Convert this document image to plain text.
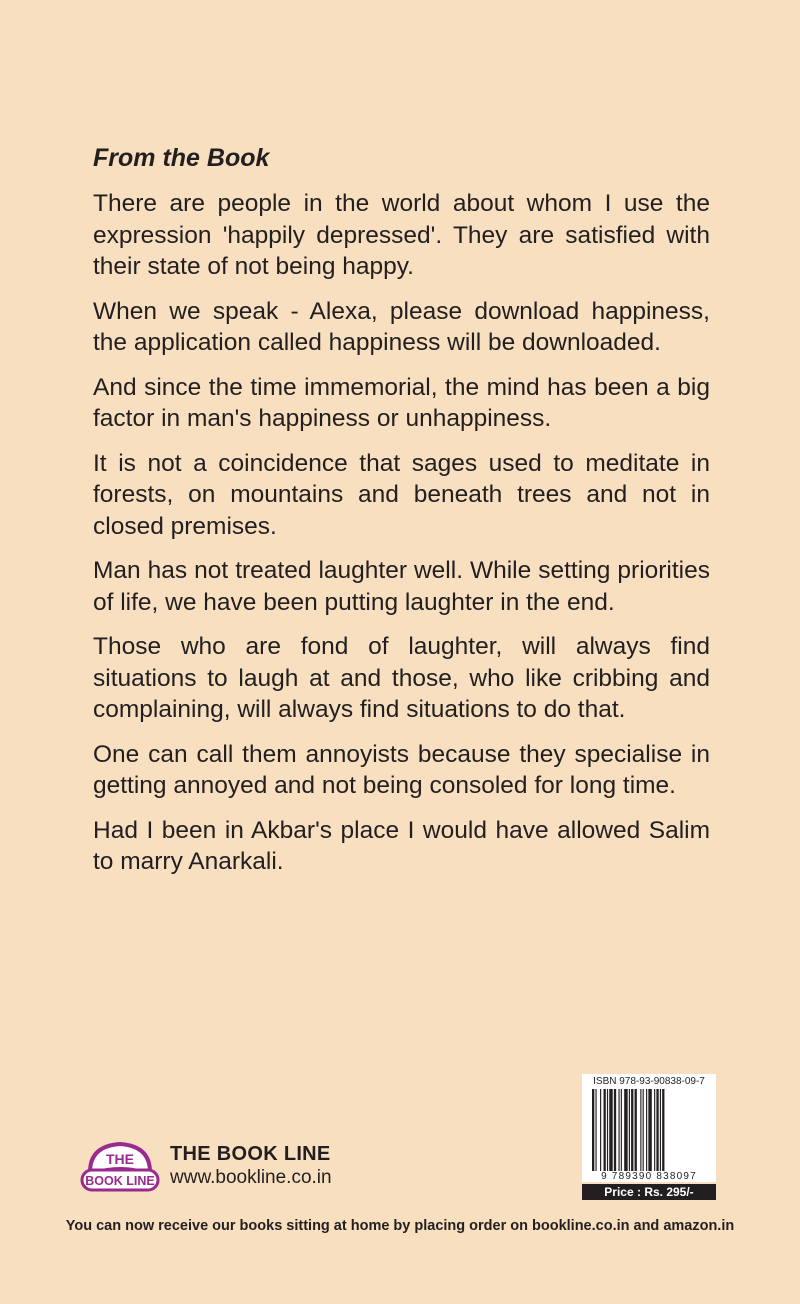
From the Book

There are people in the world about whom I use the expression 'happily depressed'. They are satisfied with their state of not being happy.

When we speak - Alexa, please download happiness, the application called happiness will be downloaded.

And since the time immemorial, the mind has been a big factor in man's happiness or unhappiness.

It is not a coincidence that sages used to meditate in forests, on mountains and beneath trees and not in closed premises.

Man has not treated laughter well. While setting priorities of life, we have been putting laughter in the end.

Those who are fond of laughter, will always find situations to laugh at and those, who like cribbing and complaining, will always find situations to do that.

One can call them annoyists because they specialise in getting annoyed and not being consoled for long time.

Had I been in Akbar's place I would have allowed Salim to marry Anarkali.

THE
BOOK LINE
THE BOOK LINE
www.bookline.co.in
ISBN 978-93-90838-09-7
9 789390 838097
Price : Rs. 295/-
You can now receive our books sitting at home by placing order on bookline.co.in and amazon.in
